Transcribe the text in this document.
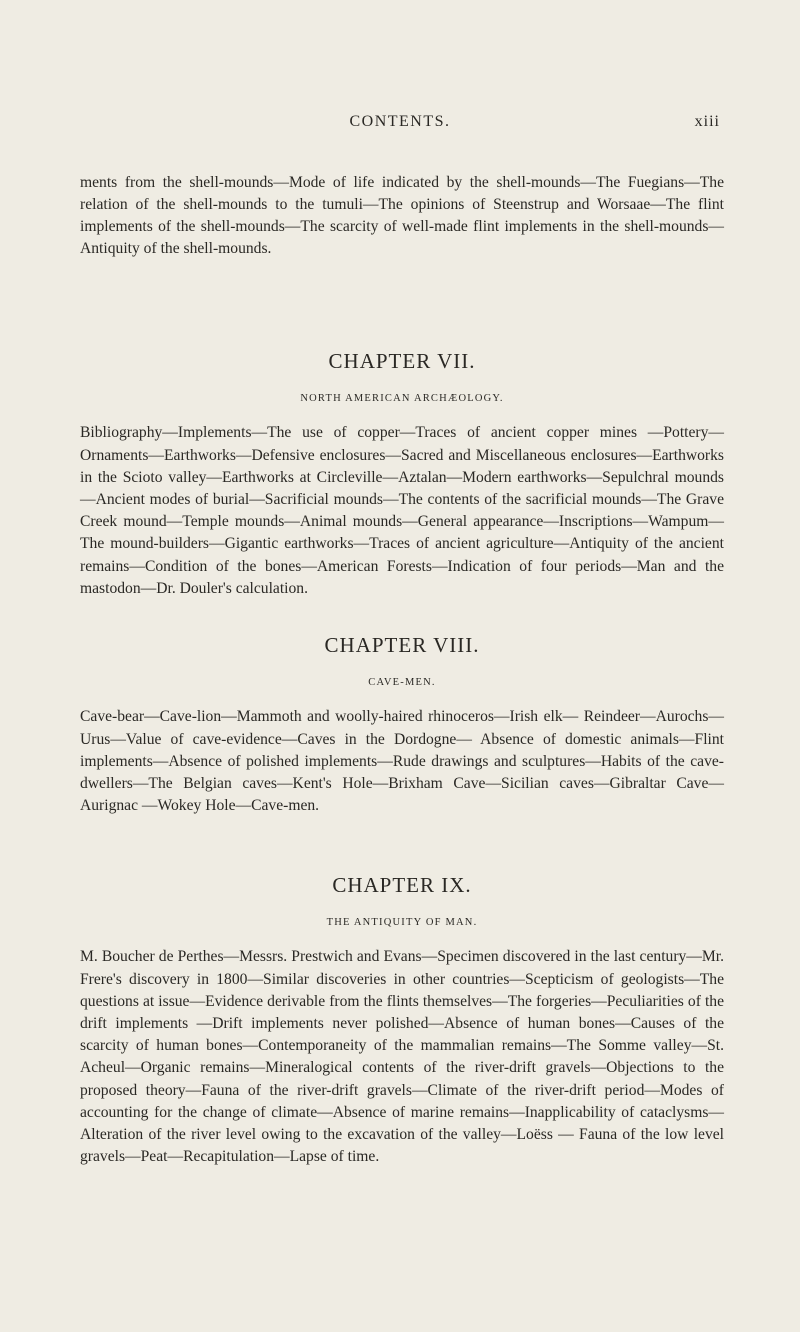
CONTENTS.	xiii

ments from the shell-mounds—Mode of life indicated by the shell-mounds—The Fuegians—The relation of the shell-mounds to the tumuli—The opinions of Steenstrup and Worsaae—The flint implements of the shell-mounds—The scarcity of well-made flint implements in the shell-mounds—Antiquity of the shell-mounds.

CHAPTER VII.
NORTH AMERICAN ARCHÆOLOGY.

Bibliography—Implements—The use of copper—Traces of ancient copper mines —Pottery—Ornaments—Earthworks—Defensive enclosures—Sacred and Miscellaneous enclosures—Earthworks in the Scioto valley—Earthworks at Circleville—Aztalan—Modern earthworks—Sepulchral mounds—Ancient modes of burial—Sacrificial mounds—The contents of the sacrificial mounds—The Grave Creek mound—Temple mounds—Animal mounds—General appearance—Inscriptions—Wampum—The mound-builders—Gigantic earthworks—Traces of ancient agriculture—Antiquity of the ancient remains—Condition of the bones—American Forests—Indication of four periods—Man and the mastodon—Dr. Douler's calculation.

CHAPTER VIII.
CAVE-MEN.

Cave-bear—Cave-lion—Mammoth and woolly-haired rhinoceros—Irish elk— Reindeer—Aurochs—Urus—Value of cave-evidence—Caves in the Dordogne— Absence of domestic animals—Flint implements—Absence of polished implements—Rude drawings and sculptures—Habits of the cave-dwellers—The Belgian caves—Kent's Hole—Brixham Cave—Sicilian caves—Gibraltar Cave—Aurignac —Wokey Hole—Cave-men.

CHAPTER IX.
THE ANTIQUITY OF MAN.

M. Boucher de Perthes—Messrs. Prestwich and Evans—Specimen discovered in the last century—Mr. Frere's discovery in 1800—Similar discoveries in other countries—Scepticism of geologists—The questions at issue—Evidence derivable from the flints themselves—The forgeries—Peculiarities of the drift implements —Drift implements never polished—Absence of human bones—Causes of the scarcity of human bones—Contemporaneity of the mammalian remains—The Somme valley—St. Acheul—Organic remains—Mineralogical contents of the river-drift gravels—Objections to the proposed theory—Fauna of the river-drift gravels—Climate of the river-drift period—Modes of accounting for the change of climate—Absence of marine remains—Inapplicability of cataclysms—Alteration of the river level owing to the excavation of the valley—Loëss — Fauna of the low level gravels—Peat—Recapitulation—Lapse of time.
